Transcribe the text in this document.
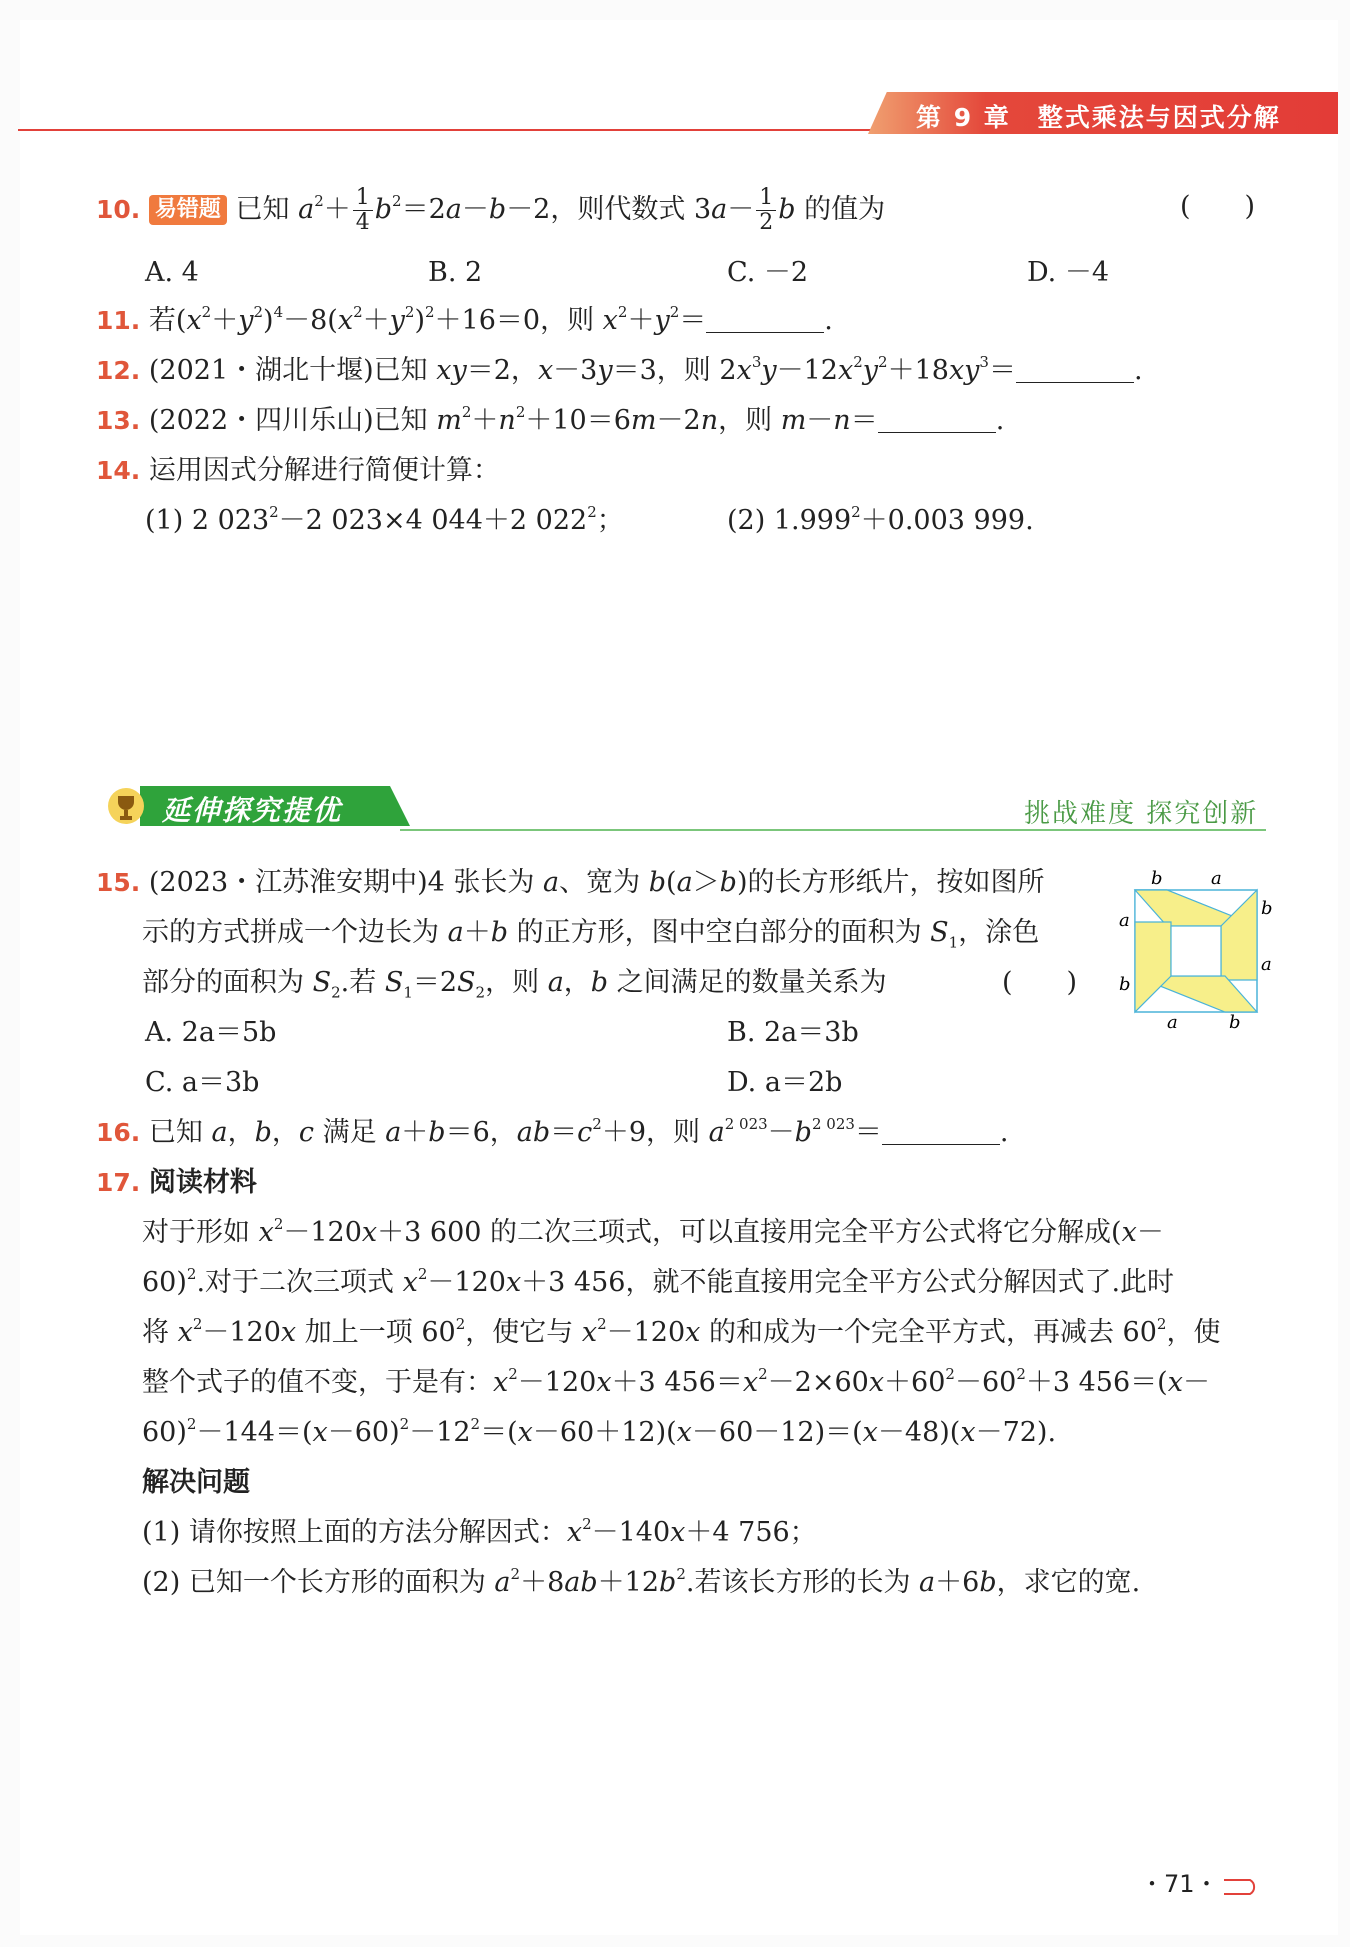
第 9 章　整式乘法与因式分解
10. 易错题 已知 $a^2+ \frac{1}{4} b^2=2a-b-2$，则代数式 $3a- \frac{1}{2}$ b 的值为	(　　)
A. 4	B. 2	C. －2	D. －4
11. 若$(x^2+y^2)^4-8(x^2+y^2)^2+16=0$，则 $x^2+y^2=$	.
12. (2021・湖北十堰)已知 xy＝2，x－3y＝3，则 $2x^3y-12x^2y^2+18xy^3=$	.
13. (2022・四川乐山)已知 $m^2+n^2+10=6m-2n$，则 m－n＝	.
14. 运用因式分解进行简便计算：
(1) 2 $023^2-2$ 023×4 044＋2 $022^2$；	(2) $1.999^2+0.003$ 999.
延伸探究提优	挑战难度 探究创新
15. (2023・江苏淮安期中)4 张长为 a、宽为 b(a＞b)的长方形纸片，按如图所
示的方式拼成一个边长为 a＋b 的正方形，图中空白部分的面积为 $S_1$，涂色
部分的面积为 $S_2$.若 $S_1=2S_2$，则 a，b 之间满足的数量关系为	(　　)
b	a
b
a
a
b
a	b
A. 2a＝5b	B. 2a＝3b
C. a＝3b	D. a＝2b
16. 已知 a，b，c 满足 a＋b＝6，$ab=c^2+9$，则 $a^{2 023}-b^{2 023}=$	.
17. 阅读材料
对于形如 $x^2-120x+3$ 600 的二次三项式，可以直接用完全平方公式将它分解成(x－
60)$^2$.对于二次三项式 $x^2-120x+3$ 456，就不能直接用完全平方公式分解因式了.此时
将 $x^2-120x$ 加上一项 $60^2$，使它与 $x^2-120x$ 的和成为一个完全平方式，再减去 $60^2$，使
整个式子的值不变，于是有：$x^2-120x+3$ $456=x^2-2\times 60x+60^2-60^2+3$ 456＝(x－
$60)^2-144=(x-60)^2-12^2=(x-60+12)(x-60-12)=(x-48)(x-72)$.
解决问题
(1) 请你按照上面的方法分解因式：$x^2-140x+4$ 756；
(2) 已知一个长方形的面积为 $a^2+8ab+12b^2$.若该长方形的长为 a＋6b，求它的宽.
・71・
